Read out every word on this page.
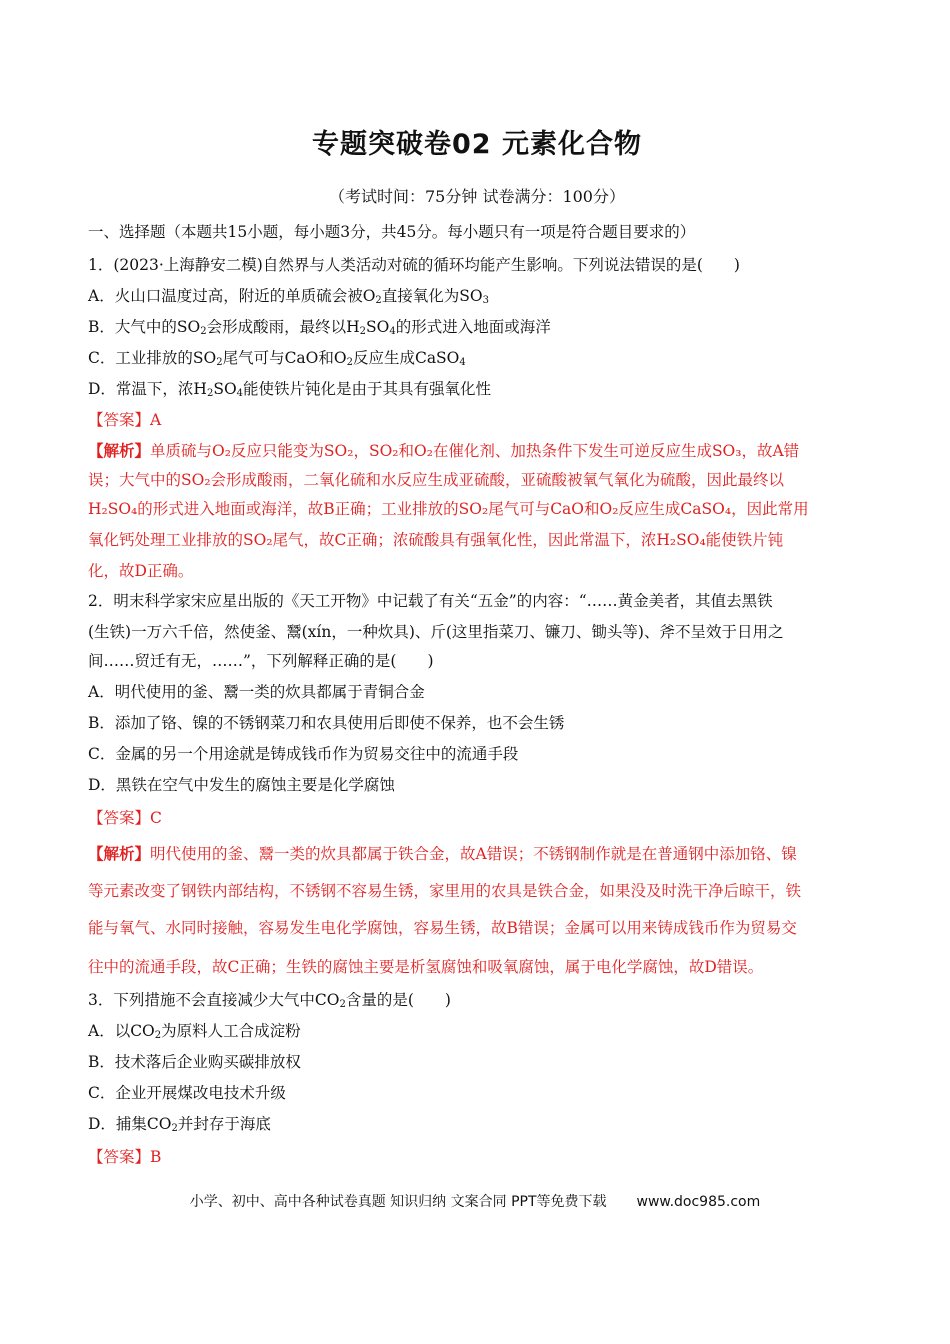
专题突破卷02 元素化合物
（考试时间：75分钟 试卷满分：100分）
一、选择题（本题共15小题，每小题3分，共45分。每小题只有一项是符合题目要求的）
1．(2023·上海静安二模)自然界与人类活动对硫的循环均能产生影响。下列说法错误的是(　　)
A．火山口温度过高，附近的单质硫会被$O_2$直接氧化为$SO_3$
B．大气中的$SO_2$会形成酸雨，最终以$H_2SO_4$的形式进入地面或海洋
C．工业排放的$SO_2$尾气可与CaO和$O_2$反应生成CaSO$_4$
D．常温下，浓$H_2SO_4$能使铁片钝化是由于其具有强氧化性
【答案】A
【解析】单质硫与O₂反应只能变为SO₂，SO₂和O₂在催化剂、加热条件下发生可逆反应生成SO₃，故A错
误；大气中的SO₂会形成酸雨，二氧化硫和水反应生成亚硫酸，亚硫酸被氧气氧化为硫酸，因此最终以
H₂SO₄的形式进入地面或海洋，故B正确；工业排放的SO₂尾气可与CaO和O₂反应生成CaSO₄，因此常用
氧化钙处理工业排放的SO₂尾气，故C正确；浓硫酸具有强氧化性，因此常温下，浓H₂SO₄能使铁片钝
化，故D正确。
2．明末科学家宋应星出版的《天工开物》中记载了有关“五金”的内容：“……黄金美者，其值去黑铁
(生铁)一万六千倍，然使釜、鬵(xín，一种炊具)、斤(这里指菜刀、镰刀、锄头等)、斧不呈效于日用之
间……贸迁有无，……”，下列解释正确的是(　　)
A．明代使用的釜、鬵一类的炊具都属于青铜合金
B．添加了铬、镍的不锈钢菜刀和农具使用后即使不保养，也不会生锈
C．金属的另一个用途就是铸成钱币作为贸易交往中的流通手段
D．黑铁在空气中发生的腐蚀主要是化学腐蚀
【答案】C
【解析】明代使用的釜、鬵一类的炊具都属于铁合金，故A错误；不锈钢制作就是在普通钢中添加铬、镍
等元素改变了钢铁内部结构，不锈钢不容易生锈，家里用的农具是铁合金，如果没及时洗干净后晾干，铁
能与氧气、水同时接触，容易发生电化学腐蚀，容易生锈，故B错误；金属可以用来铸成钱币作为贸易交
往中的流通手段，故C正确；生铁的腐蚀主要是析氢腐蚀和吸氧腐蚀，属于电化学腐蚀，故D错误。
3．下列措施不会直接减少大气中$CO_2$含量的是(　　)
A．以$CO_2$为原料人工合成淀粉
B．技术落后企业购买碳排放权
C．企业开展煤改电技术升级
D．捕集$CO_2$并封存于海底
【答案】B
小学、初中、高中各种试卷真题 知识归纳 文案合同 PPT等免费下载 www.doc985.com
